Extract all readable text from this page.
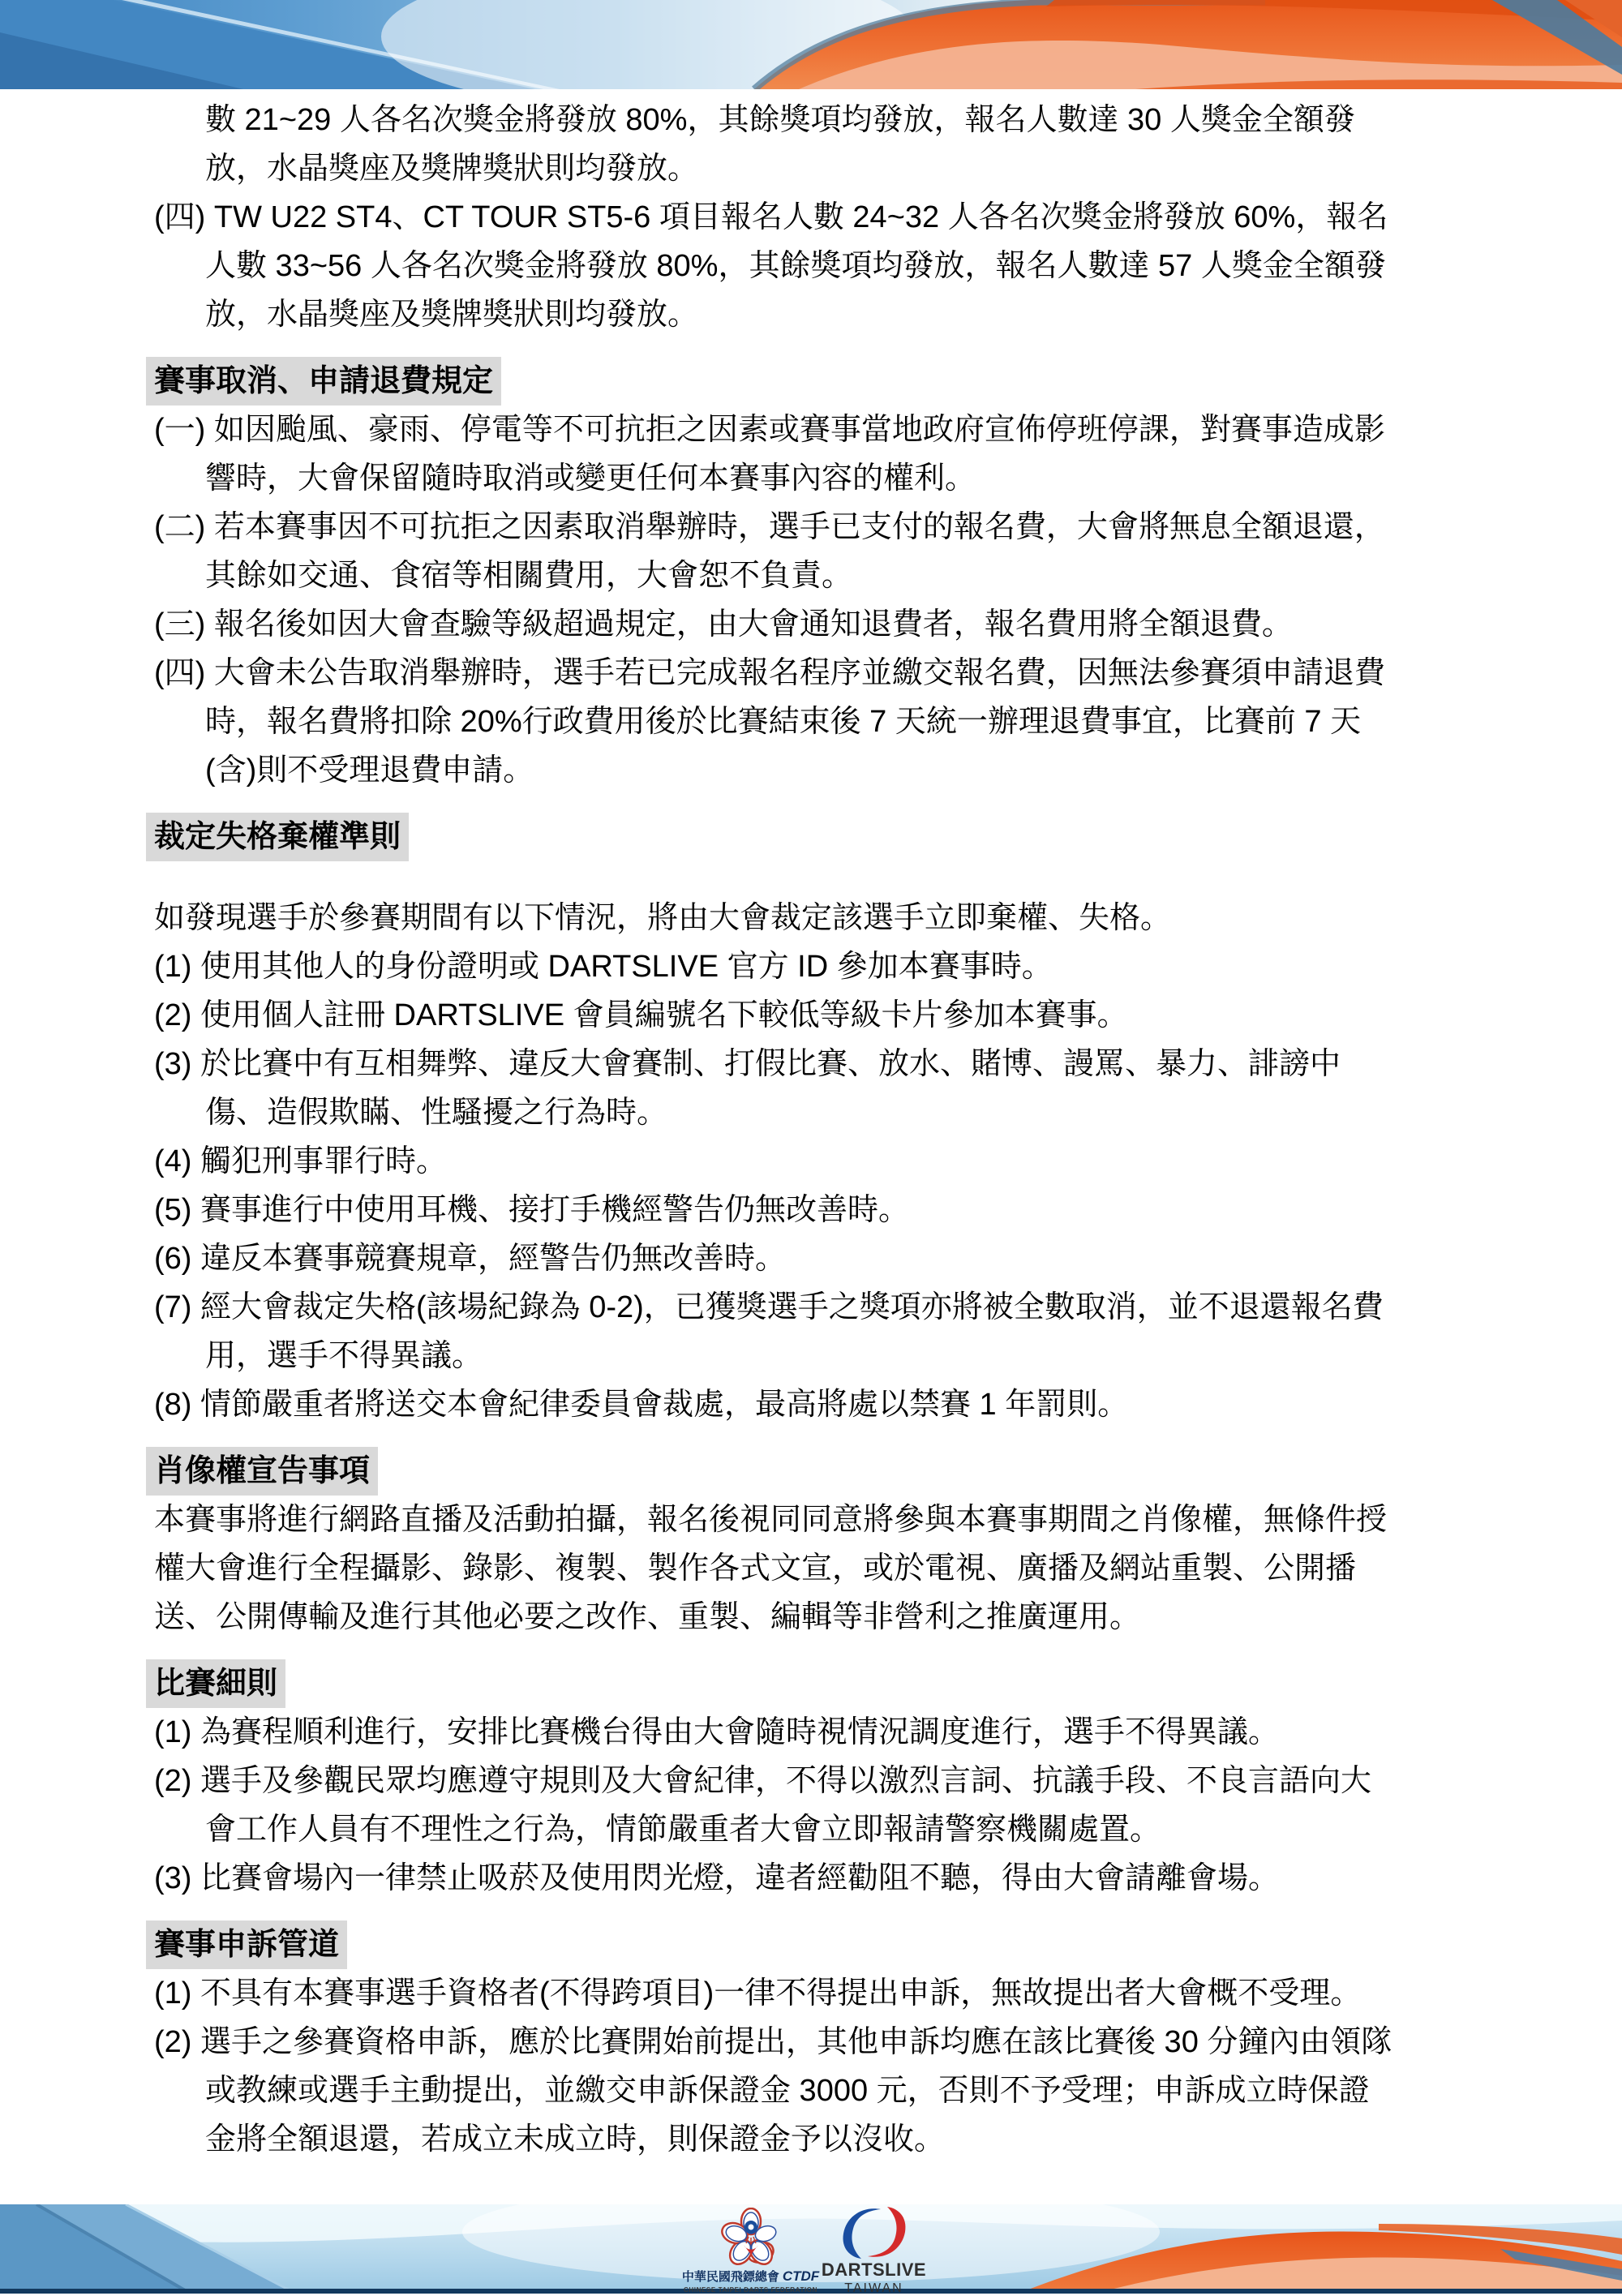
數 21~29 人各名次獎金將發放 80%，其餘獎項均發放，報名人數達 30 人獎金全額發
放，水晶獎座及獎牌獎狀則均發放。
(四) TW U22 ST4、CT TOUR ST5-6 項目報名人數 24~32 人各名次獎金將發放 60%，報名
人數 33~56 人各名次獎金將發放 80%，其餘獎項均發放，報名人數達 57 人獎金全額發
放，水晶獎座及獎牌獎狀則均發放。
賽事取消、申請退費規定
(一) 如因颱風、豪雨、停電等不可抗拒之因素或賽事當地政府宣佈停班停課，對賽事造成影
響時，大會保留隨時取消或變更任何本賽事內容的權利。
(二) 若本賽事因不可抗拒之因素取消舉辦時，選手已支付的報名費，大會將無息全額退還，
其餘如交通、食宿等相關費用，大會恕不負責。
(三) 報名後如因大會查驗等級超過規定，由大會通知退費者，報名費用將全額退費。
(四) 大會未公告取消舉辦時，選手若已完成報名程序並繳交報名費，因無法參賽須申請退費
時，報名費將扣除 20%行政費用後於比賽結束後 7 天統一辦理退費事宜，比賽前 7 天
(含)則不受理退費申請。
裁定失格棄權準則
如發現選手於參賽期間有以下情況，將由大會裁定該選手立即棄權、失格。
(1) 使用其他人的身份證明或 DARTSLIVE 官方 ID 參加本賽事時。
(2) 使用個人註冊 DARTSLIVE 會員編號名下較低等級卡片參加本賽事。
(3) 於比賽中有互相舞弊、違反大會賽制、打假比賽、放水、賭博、謾罵、暴力、誹謗中
傷、造假欺瞞、性騷擾之行為時。
(4) 觸犯刑事罪行時。
(5) 賽事進行中使用耳機、接打手機經警告仍無改善時。
(6) 違反本賽事競賽規章，經警告仍無改善時。
(7) 經大會裁定失格(該場紀錄為 0-2)，已獲獎選手之獎項亦將被全數取消，並不退還報名費
用，選手不得異議。
(8) 情節嚴重者將送交本會紀律委員會裁處，最高將處以禁賽 1 年罰則。
肖像權宣告事項
本賽事將進行網路直播及活動拍攝，報名後視同同意將參與本賽事期間之肖像權，無條件授
權大會進行全程攝影、錄影、複製、製作各式文宣，或於電視、廣播及網站重製、公開播
送、公開傳輸及進行其他必要之改作、重製、編輯等非營利之推廣運用。
比賽細則
(1) 為賽程順利進行，安排比賽機台得由大會隨時視情況調度進行，選手不得異議。
(2) 選手及參觀民眾均應遵守規則及大會紀律，不得以激烈言詞、抗議手段、不良言語向大
會工作人員有不理性之行為，情節嚴重者大會立即報請警察機關處置。
(3) 比賽會場內一律禁止吸菸及使用閃光燈，違者經勸阻不聽，得由大會請離會場。
賽事申訴管道
(1) 不具有本賽事選手資格者(不得跨項目)一律不得提出申訴，無故提出者大會概不受理。
(2) 選手之參賽資格申訴，應於比賽開始前提出，其他申訴均應在該比賽後 30 分鐘內由領隊
或教練或選手主動提出，並繳交申訴保證金 3000 元，否則不予受理；申訴成立時保證
金將全額退還，若成立未成立時，則保證金予以沒收。
中華民國飛鏢總會 CTDF
CHINESE TAIPEI DARTS FEDERATION
DARTSLIVE
TAIWAN
